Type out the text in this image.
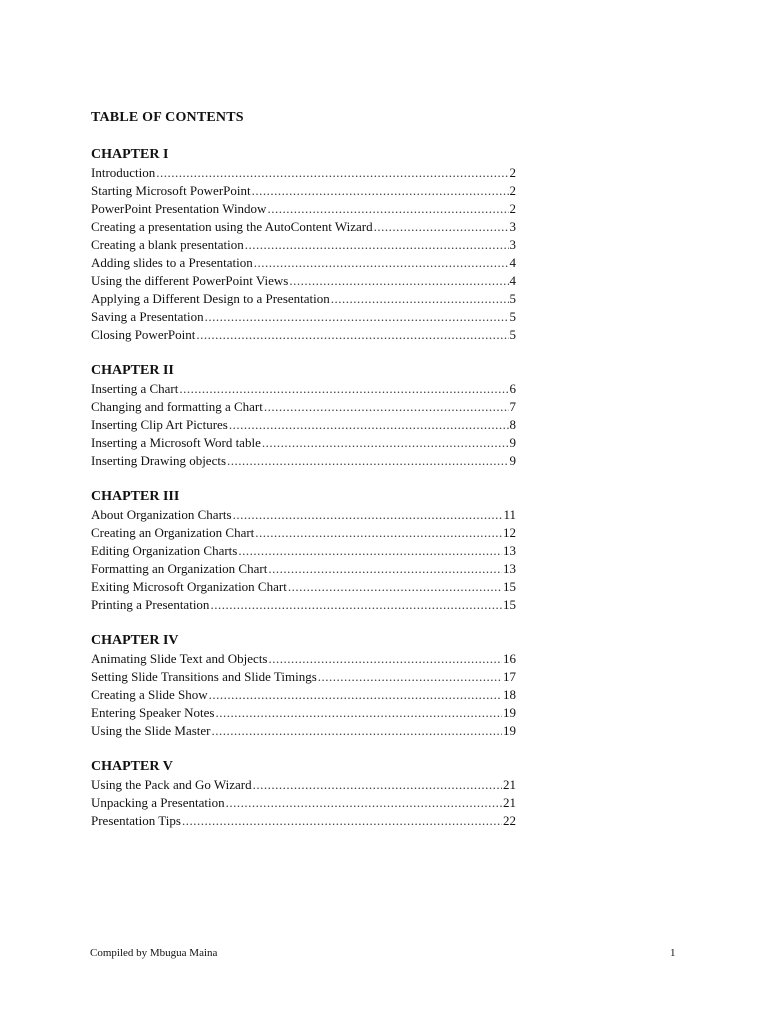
TABLE OF CONTENTS
CHAPTER I
Introduction .....	2
Starting Microsoft PowerPoint .....	2
PowerPoint Presentation Window .....	2
Creating a presentation using the AutoContent Wizard .....	3
Creating a blank presentation .....	3
Adding slides to a Presentation .....	4
Using the different PowerPoint Views .....	4
Applying a Different Design to a Presentation .....	5
Saving a Presentation .....	5
Closing PowerPoint .....	5
CHAPTER II
Inserting a Chart .....	6
Changing and formatting a Chart .....	7
Inserting Clip Art Pictures .....	8
Inserting a Microsoft Word table .....	9
Inserting Drawing objects .....	9
CHAPTER III
About Organization Charts .....	11
Creating an Organization Chart .....	12
Editing Organization Charts .....	13
Formatting an Organization Chart .....	13
Exiting Microsoft Organization Chart .....	15
Printing a Presentation .....	15
CHAPTER IV
Animating Slide Text and Objects .....	16
Setting Slide Transitions and Slide Timings .....	17
Creating a Slide Show .....	18
Entering Speaker Notes .....	19
Using the Slide Master .....	19
CHAPTER V
Using the Pack and Go Wizard .....	21
Unpacking a Presentation .....	21
Presentation Tips .....	22
Compiled by Mbugua Maina	1
